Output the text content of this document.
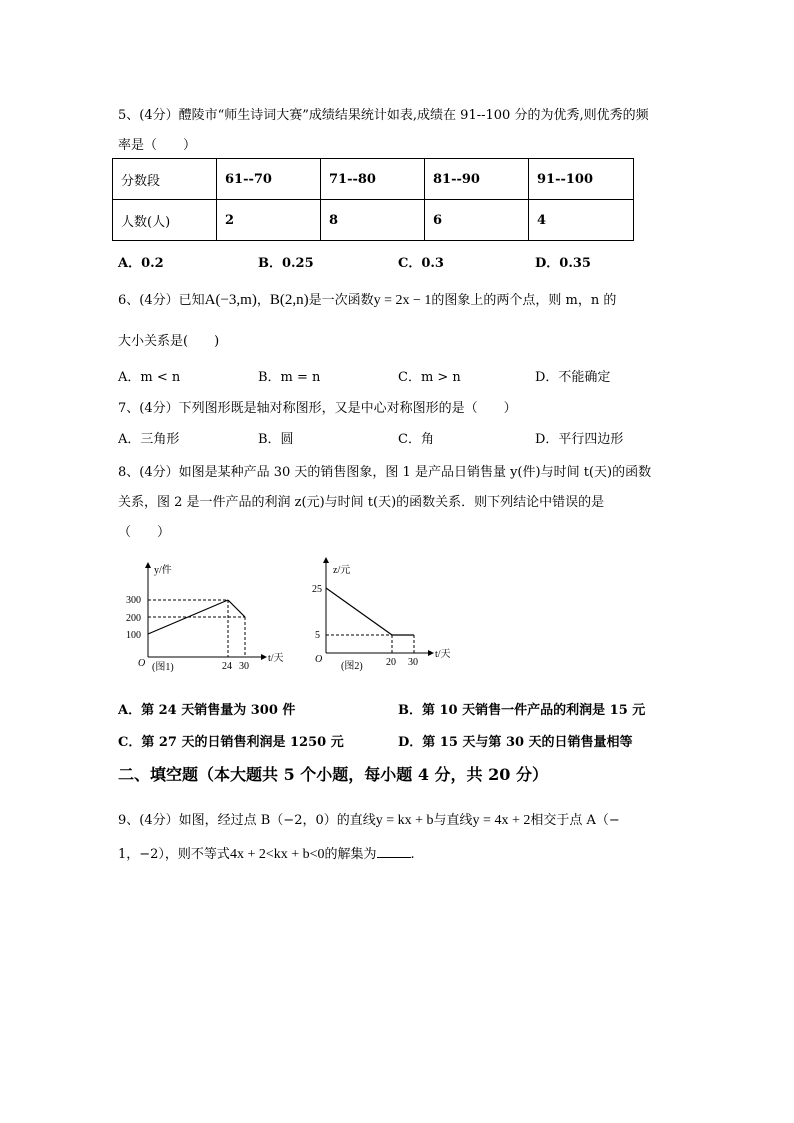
5、(4分）醴陵市“师生诗词大赛”成绩结果统计如表,成绩在 91--100 分的为优秀,则优秀的频
率是（　　）
分数段	61--70	71--80	81--90	91--100
人数(人)	2	8	6	4
A．0.2	B．0.25	C．0.3	D．0.35
6、(4分）已知A(−3,m)，B(2,n)是一次函数y = 2x − 1的图象上的两个点，则 m，n 的
大小关系是(　　)
A．m < n	B．m = n	C．m > n	D．不能确定
7、(4分）下列图形既是轴对称图形，又是中心对称图形的是（　　）
A．三角形	B．圆	C．角	D．平行四边形
8、(4分）如图是某种产品 30 天的销售图象，图 1 是产品日销售量 y(件)与时间 t(天)的函数
关系，图 2 是一件产品的利润 z(元)与时间 t(天)的函数关系．则下列结论中错误的是
（　　）
y/件
300
200
100
O (图1)	24 30
t/天
z/元
25
5
O
(图2) 20 30
t/天
A．第 24 天销售量为 300 件	B．第 10 天销售一件产品的利润是 15 元
C．第 27 天的日销售利润是 1250 元	D．第 15 天与第 30 天的日销售量相等
二、填空题（本大题共 5 个小题，每小题 4 分，共 20 分）
9、(4分）如图，经过点 B（−2，0）的直线y = kx + b与直线y = 4x + 2相交于点 A（−
1，−2），则不等式4x + 2<kx + b<0的解集为	.
